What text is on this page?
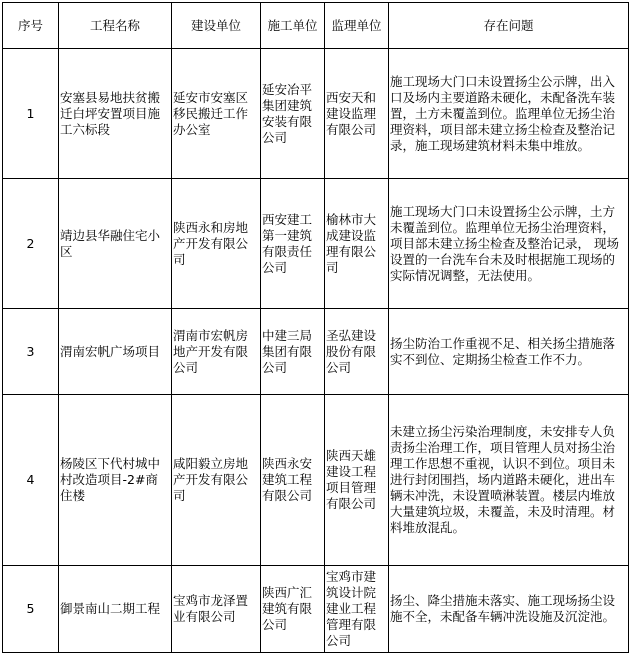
序号	工程名称	建设单位	施工单位	监理单位	存在问题
1	安塞县易地扶贫搬迁白坪安置项目施工六标段	延安市安塞区移民搬迁工作办公室	延安冶平集团建筑安装有限公司	西安天和建设监理有限公司	施工现场大门口未设置扬尘公示牌，出入口及场内主要道路未硬化，未配备洗车装置，土方未覆盖到位。监理单位无扬尘治理资料，项目部未建立扬尘检查及整治记录，施工现场建筑材料未集中堆放。
2	靖边县华融住宅小区	陕西永和房地产开发有限公司	西安建工第一建筑有限责任公司	榆林市大成建设监理有限公司	施工现场大门口未设置扬尘公示牌，土方未覆盖到位。监理单位无扬尘治理资料，项目部未建立扬尘检查及整治记录， 现场设置的一台洗车台未及时根据施工现场的实际情况调整，无法使用。
3	渭南宏帆广场项目	渭南市宏帆房地产开发有限公司	中建三局集团有限公司	圣弘建设股份有限公司	扬尘防治工作重视不足、相关扬尘措施落实不到位、定期扬尘检查工作不力。
4	杨陵区下代村城中村改造项目-2#商住楼	咸阳毅立房地产开发有限公司	陕西永安建筑工程有限公司	陕西天雄建设工程项目管理有限公司	未建立扬尘污染治理制度，未安排专人负责扬尘治理工作，项目管理人员对扬尘治理工作思想不重视，认识不到位。项目未进行封闭围挡，场内道路未硬化，进出车辆未冲洗，未设置喷淋装置。楼层内堆放大量建筑垃圾，未覆盖，未及时清理。材料堆放混乱。
5	御景南山二期工程	宝鸡市龙泽置业有限公司	陕西广汇建筑有限公司	宝鸡市建筑设计院建业工程管理有限公司	扬尘、降尘措施未落实、施工现场扬尘设施不全，未配备车辆冲洗设施及沉淀池。
